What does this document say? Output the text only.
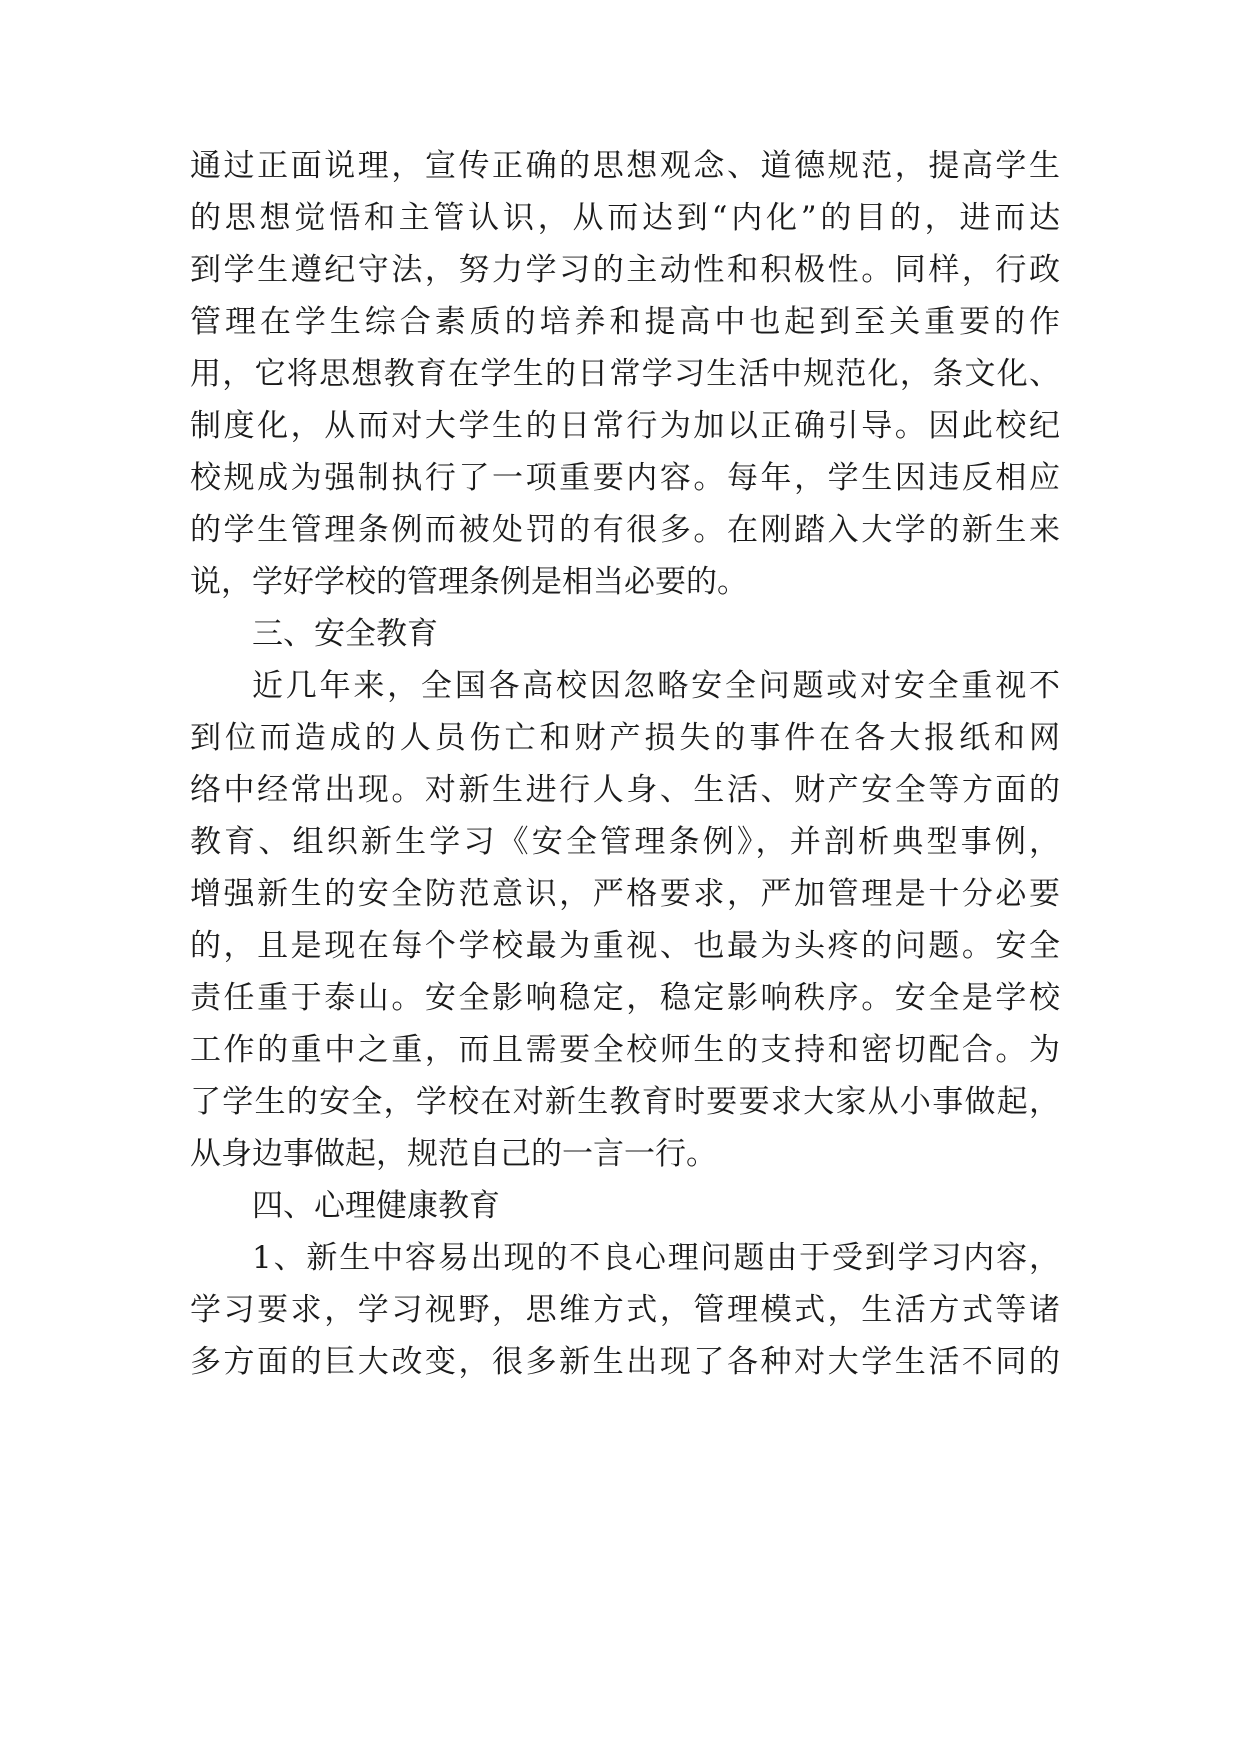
通过正面说理，宣传正确的思想观念、道德规范，提高学生
的思想觉悟和主管认识，从而达到“内化”的目的，进而达
到学生遵纪守法，努力学习的主动性和积极性。同样，行政
管理在学生综合素质的培养和提高中也起到至关重要的作
用，它将思想教育在学生的日常学习生活中规范化，条文化、
制度化，从而对大学生的日常行为加以正确引导。因此校纪
校规成为强制执行了一项重要内容。每年，学生因违反相应
的学生管理条例而被处罚的有很多。在刚踏入大学的新生来
说，学好学校的管理条例是相当必要的。
三、安全教育
近几年来，全国各高校因忽略安全问题或对安全重视不
到位而造成的人员伤亡和财产损失的事件在各大报纸和网
络中经常出现。对新生进行人身、生活、财产安全等方面的
教育、组织新生学习《安全管理条例》，并剖析典型事例，
增强新生的安全防范意识，严格要求，严加管理是十分必要
的，且是现在每个学校最为重视、也最为头疼的问题。安全
责任重于泰山。安全影响稳定，稳定影响秩序。安全是学校
工作的重中之重，而且需要全校师生的支持和密切配合。为
了学生的安全，学校在对新生教育时要要求大家从小事做起，
从身边事做起，规范自己的一言一行。
四、心理健康教育
1、新生中容易出现的不良心理问题由于受到学习内容，
学习要求，学习视野，思维方式，管理模式，生活方式等诸
多方面的巨大改变，很多新生出现了各种对大学生活不同的
